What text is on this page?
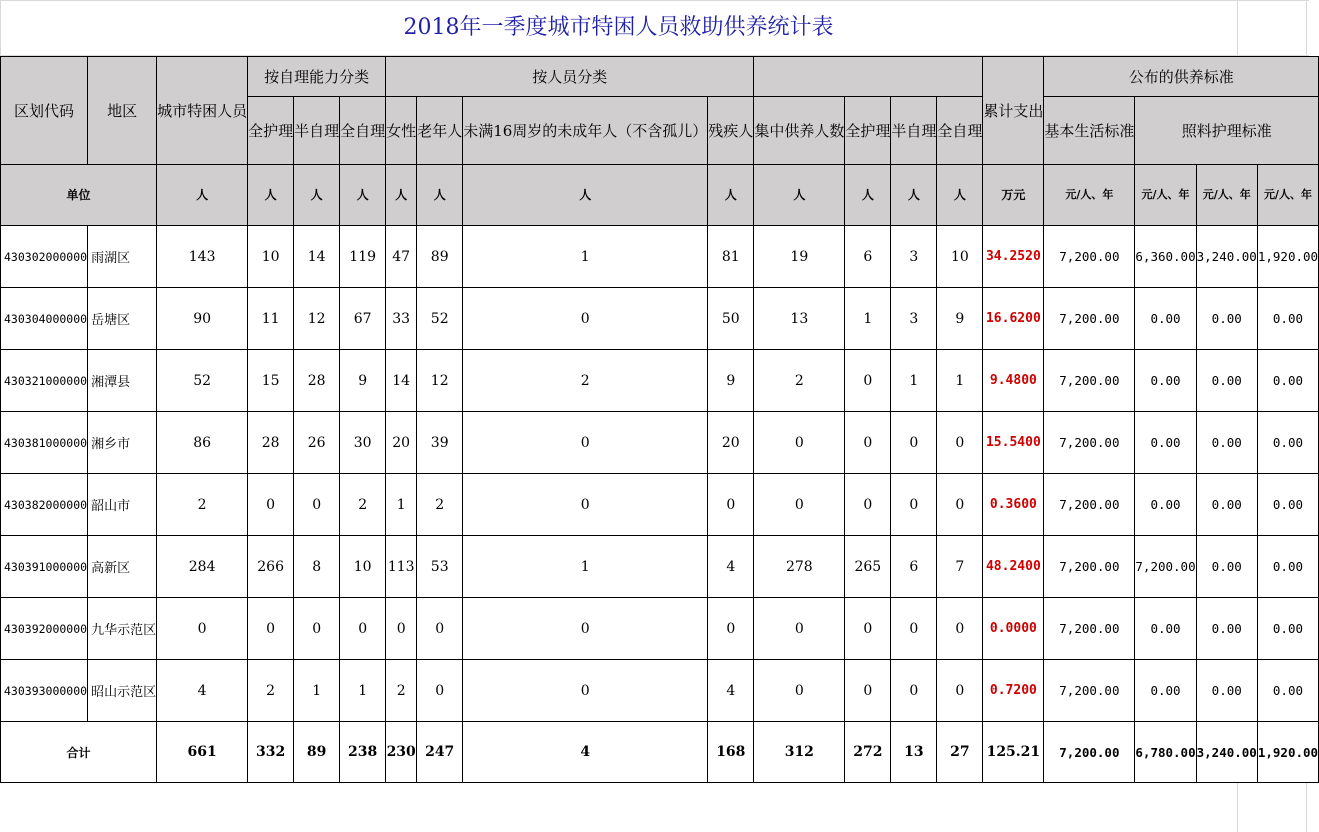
2018年一季度城市特困人员救助供养统计表
区划代码	地区	城市特困人员	按自理能力分类			按人员分类								累计支出	公布的供养标准			
			全护理	半自理	全自理	女性	老年人	未满16周岁的未成年人（不含孤儿）	残疾人	集中供养人数	全护理	半自理	全自理		基本生活标准	照料护理标准		
单位		人	人	人	人	人	人	人	人	人	人	人	人	万元	元/人、年	元/人、年	元/人、年	元/人、年
430302000000	雨湖区	143	10	14	119	47	89	1	81	19	6	3	10	34.2520	7,200.00	6,360.00	3,240.00	1,920.00
430304000000	岳塘区	90	11	12	67	33	52	0	50	13	1	3	9	16.6200	7,200.00	0.00	0.00	0.00
430321000000	湘潭县	52	15	28	9	14	12	2	9	2	0	1	1	9.4800	7,200.00	0.00	0.00	0.00
430381000000	湘乡市	86	28	26	30	20	39	0	20	0	0	0	0	15.5400	7,200.00	0.00	0.00	0.00
430382000000	韶山市	2	0	0	2	1	2	0	0	0	0	0	0	0.3600	7,200.00	0.00	0.00	0.00
430391000000	高新区	284	266	8	10	113	53	1	4	278	265	6	7	48.2400	7,200.00	7,200.00	0.00	0.00
430392000000	九华示范区	0	0	0	0	0	0	0	0	0	0	0	0	0.0000	7,200.00	0.00	0.00	0.00
430393000000	昭山示范区	4	2	1	1	2	0	0	4	0	0	0	0	0.7200	7,200.00	0.00	0.00	0.00
合计		661	332	89	238	230	247	4	168	312	272	13	27	125.21	7,200.00	6,780.00	3,240.00	1,920.00
